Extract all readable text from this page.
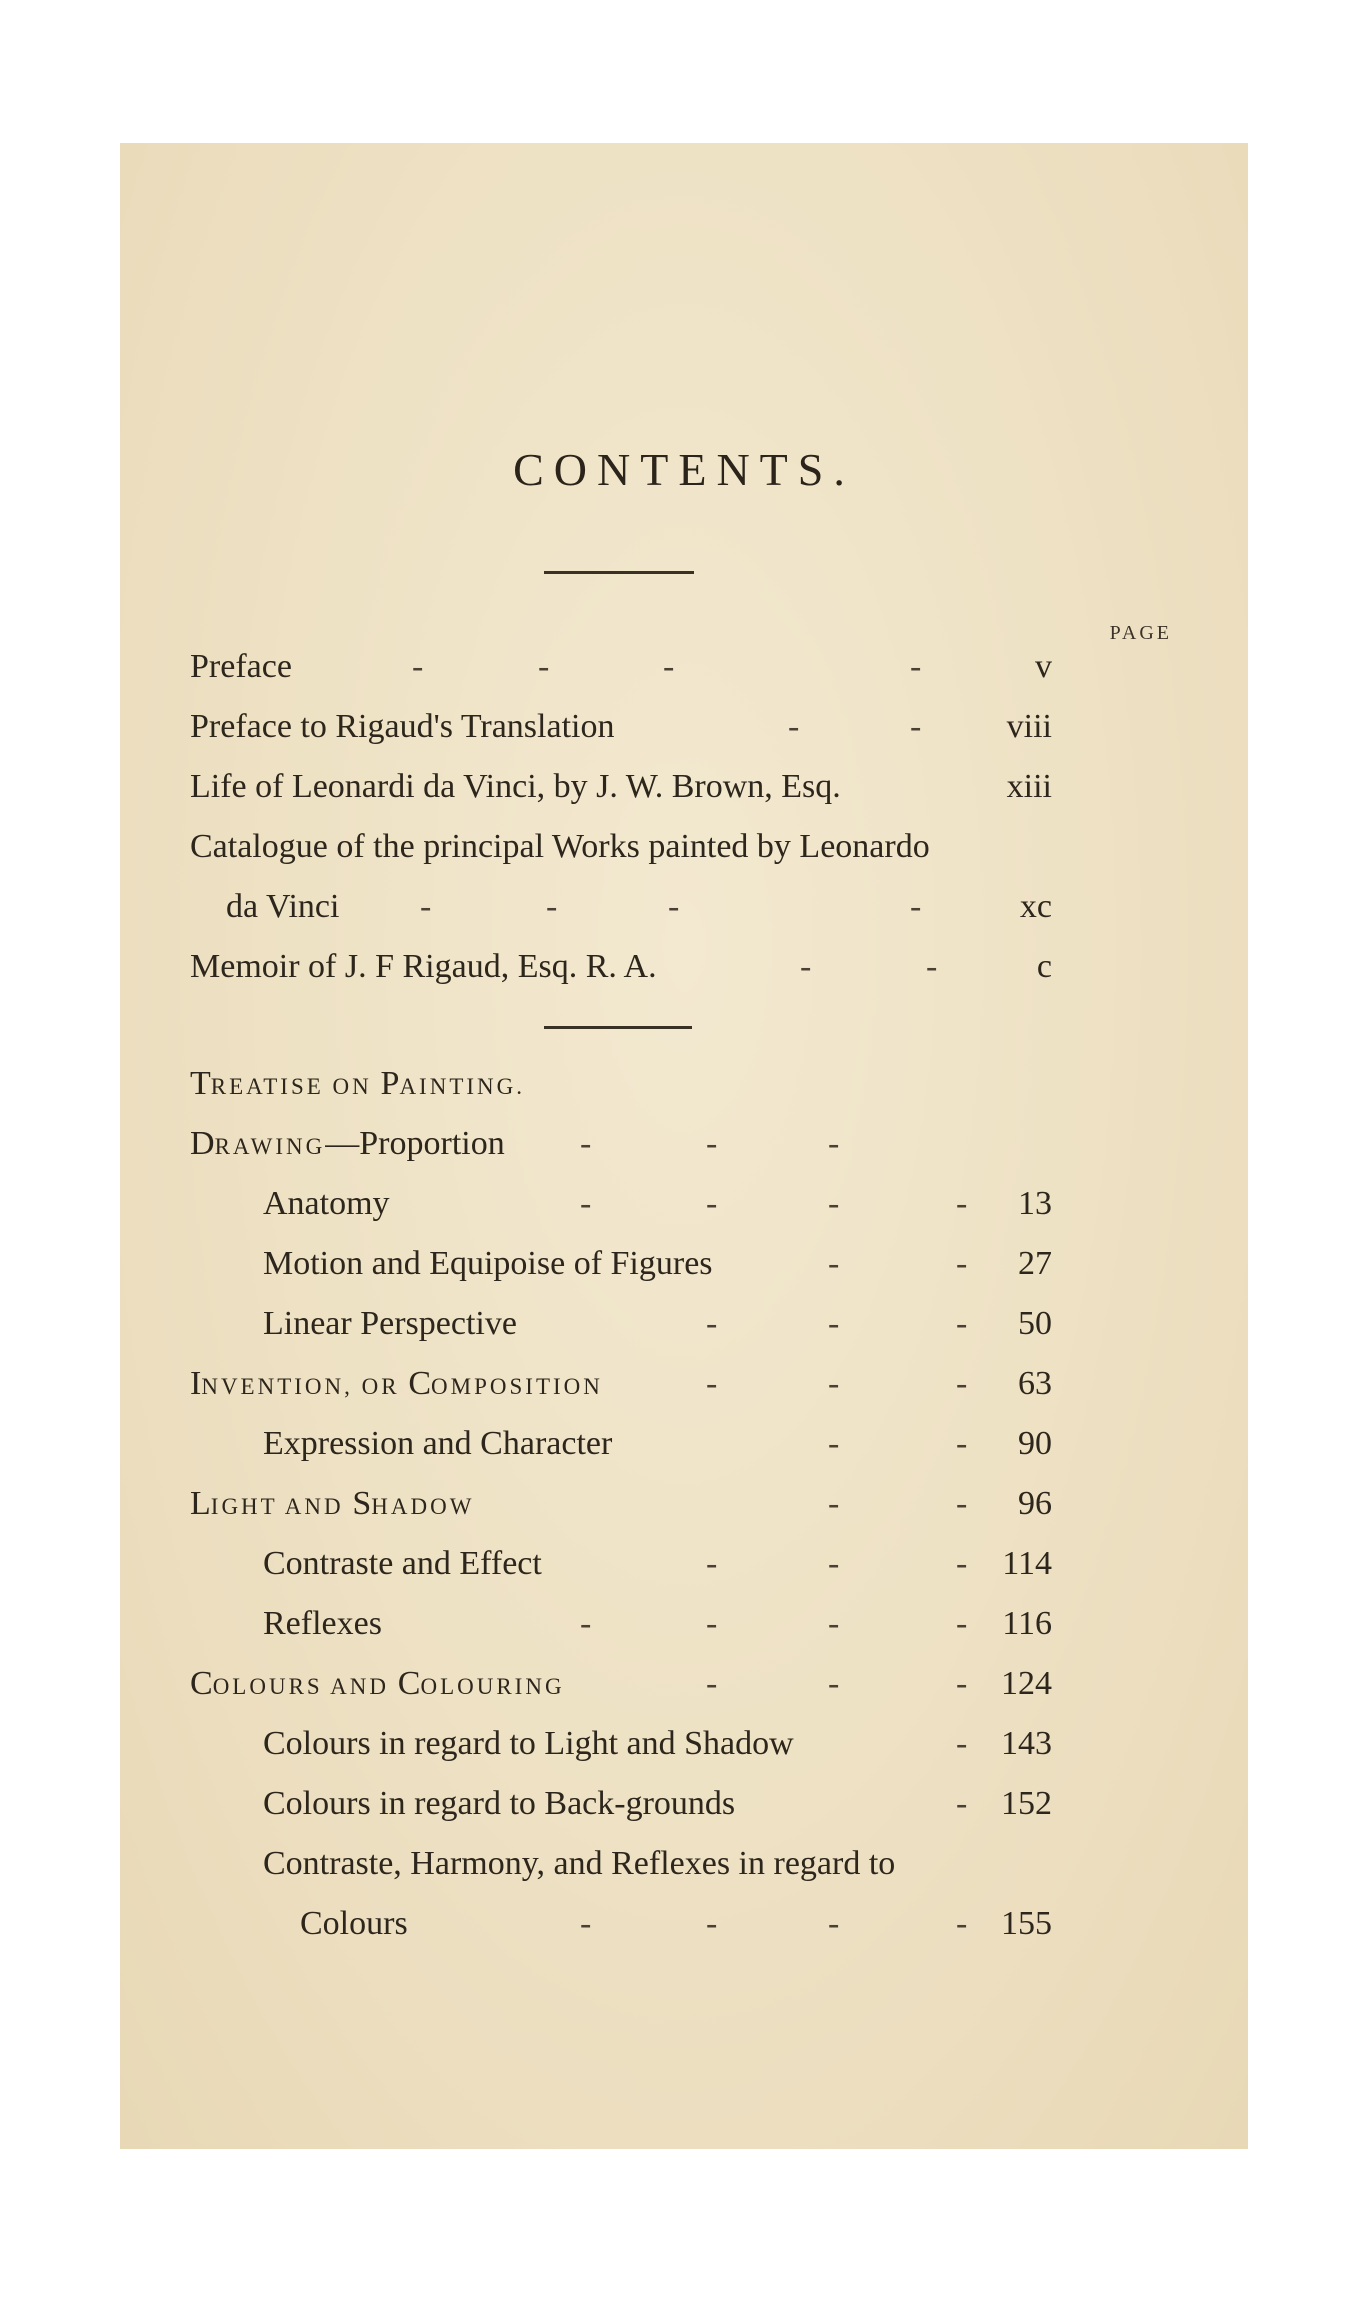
CONTENTS.
PAGE
Preface	-	-	-	-	v
Preface to Rigaud's Translation	-	-	viii
Life of Leonardi da Vinci, by J. W. Brown, Esq.	xiii
Catalogue of the principal Works painted by Leonardo
da Vinci -	-	-	-	xc
Memoir of J. F Rigaud, Esq. R. A.	-	-	c
TREATISE ON PAINTING.
DRAWING—Proportion -	-	-
Anatomy	-	-	-	- 13
Motion and Equipoise of Figures	-	- 27
Linear Perspective	-	-	- 50
INVENTION, OR COMPOSITION	-	-	- 63
Expression and Character	-	- 90
LIGHT AND SHADOW	-	- 96
Contraste and Effect	-	-	- 114
Reflexes	-	-	-	- 116
COLOURS AND COLOURING	-	-	- 124
Colours in regard to Light and Shadow	- 143
Colours in regard to Back-grounds	- 152
Contraste, Harmony, and Reflexes in regard to
Colours	-	-	-	- 155
